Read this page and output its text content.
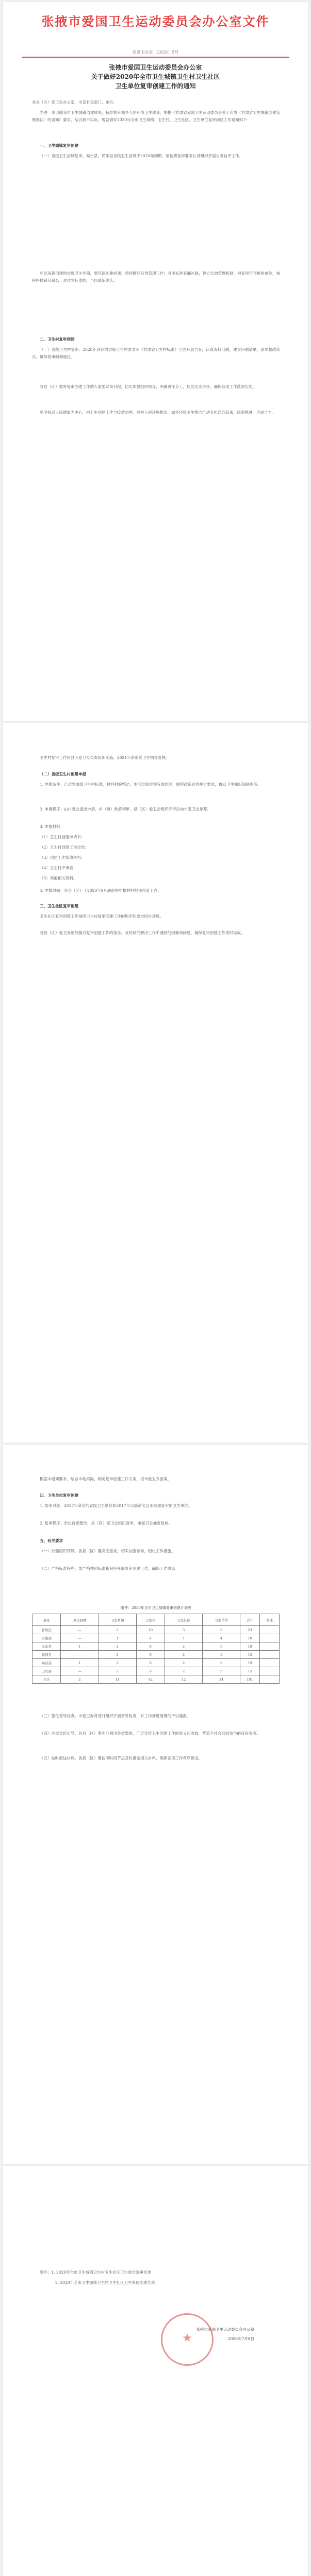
张掖市爱国卫生运动委员会办公室文件
张爱卫办发〔2020〕5号
张掖市爱国卫生运动委员会办公室
关于做好2020年全市卫生城镇卫生村卫生社区
卫生单位复审创建工作的通知
各县（区）爱卫会办公室，市直有关部门、单位：
为进一步巩固我市卫生城镇创建成果，持续提升城乡人居环境卫生质量，根据《甘肃省爱国卫生运动委员会关于印发〈甘肃省卫生城镇创建管理办法〉的通知》要求，结合我市实际，现就做好2020年全市卫生城镇、卫生村、卫生社区、卫生单位复审创建工作通知如下：
一、卫生城镇复审创建
（一）省级卫生县城复审。高台县、民乐县省级卫生县城于2020年到期，请按照复审要求认真组织开展自查自评工作。
年以来新创建的省级卫生乡镇，要巩固创建成果，持续做好日常管理工作；对照标准查漏补缺，建立长效管理机制。对复审不合格的单位，按程序撤销其命名；对达到标准的，予以重新确认。
二、卫生村复审创建
（一）省级卫生村复审。2020年到期的省级卫生村要对照《甘肃省卫生村标准》全面开展自查，认真查找问题，建立问题清单，逐项整改落实，确保复审顺利通过。
各县（区）要将复审创建工作纳入重要议事日程，切实加强组织领导，明确责任分工，层层压实责任，确保各项工作落到实处。
要坚持以人民健康为中心，把卫生创建工作与疫情防控、农村人居环境整治、城乡环境卫生整洁行动有机结合起来，统筹推进，形成合力。
卫生村复审工作由县区爱卫办负责组织实施，2021年由市爱卫办抽查复核。
（二）省级卫生村创建申报
1. 申报条件：已达到市级卫生村标准，村容村貌整洁，生活垃圾得到有效处理，厕所改造达到规定要求，群众卫生知识知晓率高。
2. 申报程序：由村委会提出申请，乡（镇）政府初审，县（区）爱卫会组织评审后向市爱卫会推荐。
3. 申报材料：
（1）卫生村创建申请书；
（2）卫生村创建工作总结；
（3）创建工作影像资料；
（4）卫生村评审表；
（5）其他相关资料。
4. 申报时间：各县（区）于2020年9月底前将申报材料报送市爱卫办。
三、卫生社区复审创建
卫生社区复审创建工作按照卫生村复审创建工作的程序和要求同步开展。
各县（区）爱卫办要加强对复审创建工作的指导，及时研究解决工作中遇到的困难和问题，确保复审创建工作按时完成。
根据本通知要求，结合本地实际，制定复审创建工作方案，报市爱卫办备案。
四、卫生单位复审创建
1. 复审对象：2017年命名的省级卫生单位和2017年以前命名且未参加复审的卫生单位。
2. 复审程序：单位自查整改，县（区）爱卫会组织复审，市爱卫会抽查复核。
五、有关要求
（一）加强组织领导。各县（区）要高度重视，切实加强领导，细化工作措施。
（二）严格标准程序。要严格按照标准和程序开展复审创建工作，确保工作质量。
附件：2020年全市卫生城镇复审创建计划表
县区	卫生县城	卫生乡镇	卫生村	卫生社区	卫生单位	合计	备注
甘州区	—	2	10	3	8	23	
肃南县	—	1	4	1	4	10	
民乐县	1	2	8	2	6	19	
临泽县	—	2	6	2	5	15	
高台县	1	2	8	2	6	19	
山丹县	—	2	6	2	5	15	
合计	2	11	42	12	34	101	
（三）强化督导检查。市爱卫办将适时组织开展督导检查，对工作推进缓慢的予以通报。
（四）注重宣传引导。各县（区）要充分利用各类媒体，广泛宣传卫生创建工作的意义和成效，营造全社会共同参与的良好氛围。
（五）按时报送材料。各县（区）要按照时间节点及时报送相关材料，确保各项工作有序推进。
附件：1. 2020年全市卫生城镇卫生村卫生社区卫生单位复审名单
2. 2020年全市卫生城镇卫生村卫生社区卫生单位创建名单
★
张掖市爱国卫生运动委员会办公室
2020年7月8日
